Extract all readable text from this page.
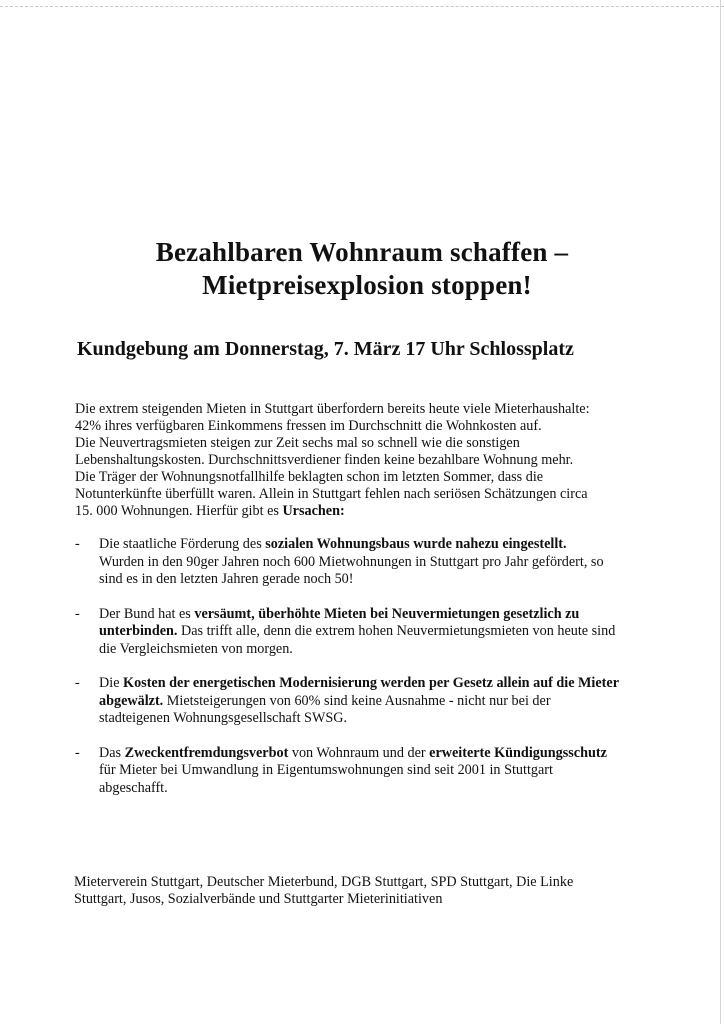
Bezahlbaren Wohnraum schaffen –
Mietpreisexplosion stoppen!
Kundgebung am Donnerstag, 7. März 17 Uhr Schlossplatz

Die extrem steigenden Mieten in Stuttgart überfordern bereits heute viele Mieterhaushalte:
42% ihres verfügbaren Einkommens fressen im Durchschnitt die Wohnkosten auf.
Die Neuvertragsmieten steigen zur Zeit sechs mal so schnell wie die sonstigen
Lebenshaltungskosten. Durchschnittsverdiener finden keine bezahlbare Wohnung mehr.
Die Träger der Wohnungsnotfallhilfe beklagten schon im letzten Sommer, dass die
Notunterkünfte überfüllt waren. Allein in Stuttgart fehlen nach seriösen Schätzungen circa
15. 000 Wohnungen. Hierfür gibt es Ursachen:

- Die staatliche Förderung des sozialen Wohnungsbaus wurde nahezu eingestellt.
Wurden in den 90ger Jahren noch 600 Mietwohnungen in Stuttgart pro Jahr gefördert, so
sind es in den letzten Jahren gerade noch 50!
- Der Bund hat es versäumt, überhöhte Mieten bei Neuvermietungen gesetzlich zu
unterbinden. Das trifft alle, denn die extrem hohen Neuvermietungsmieten von heute sind
die Vergleichsmieten von morgen.
- Die Kosten der energetischen Modernisierung werden per Gesetz allein auf die Mieter
abgewälzt. Mietsteigerungen von 60% sind keine Ausnahme - nicht nur bei der
stadteigenen Wohnungsgesellschaft SWSG.
- Das Zweckentfremdungsverbot von Wohnraum und der erweiterte Kündigungsschutz
für Mieter bei Umwandlung in Eigentumswohnungen sind seit 2001 in Stuttgart
abgeschafft.

Mieterverein Stuttgart, Deutscher Mieterbund, DGB Stuttgart, SPD Stuttgart, Die Linke
Stuttgart, Jusos, Sozialverbände und Stuttgarter Mieterinitiativen
